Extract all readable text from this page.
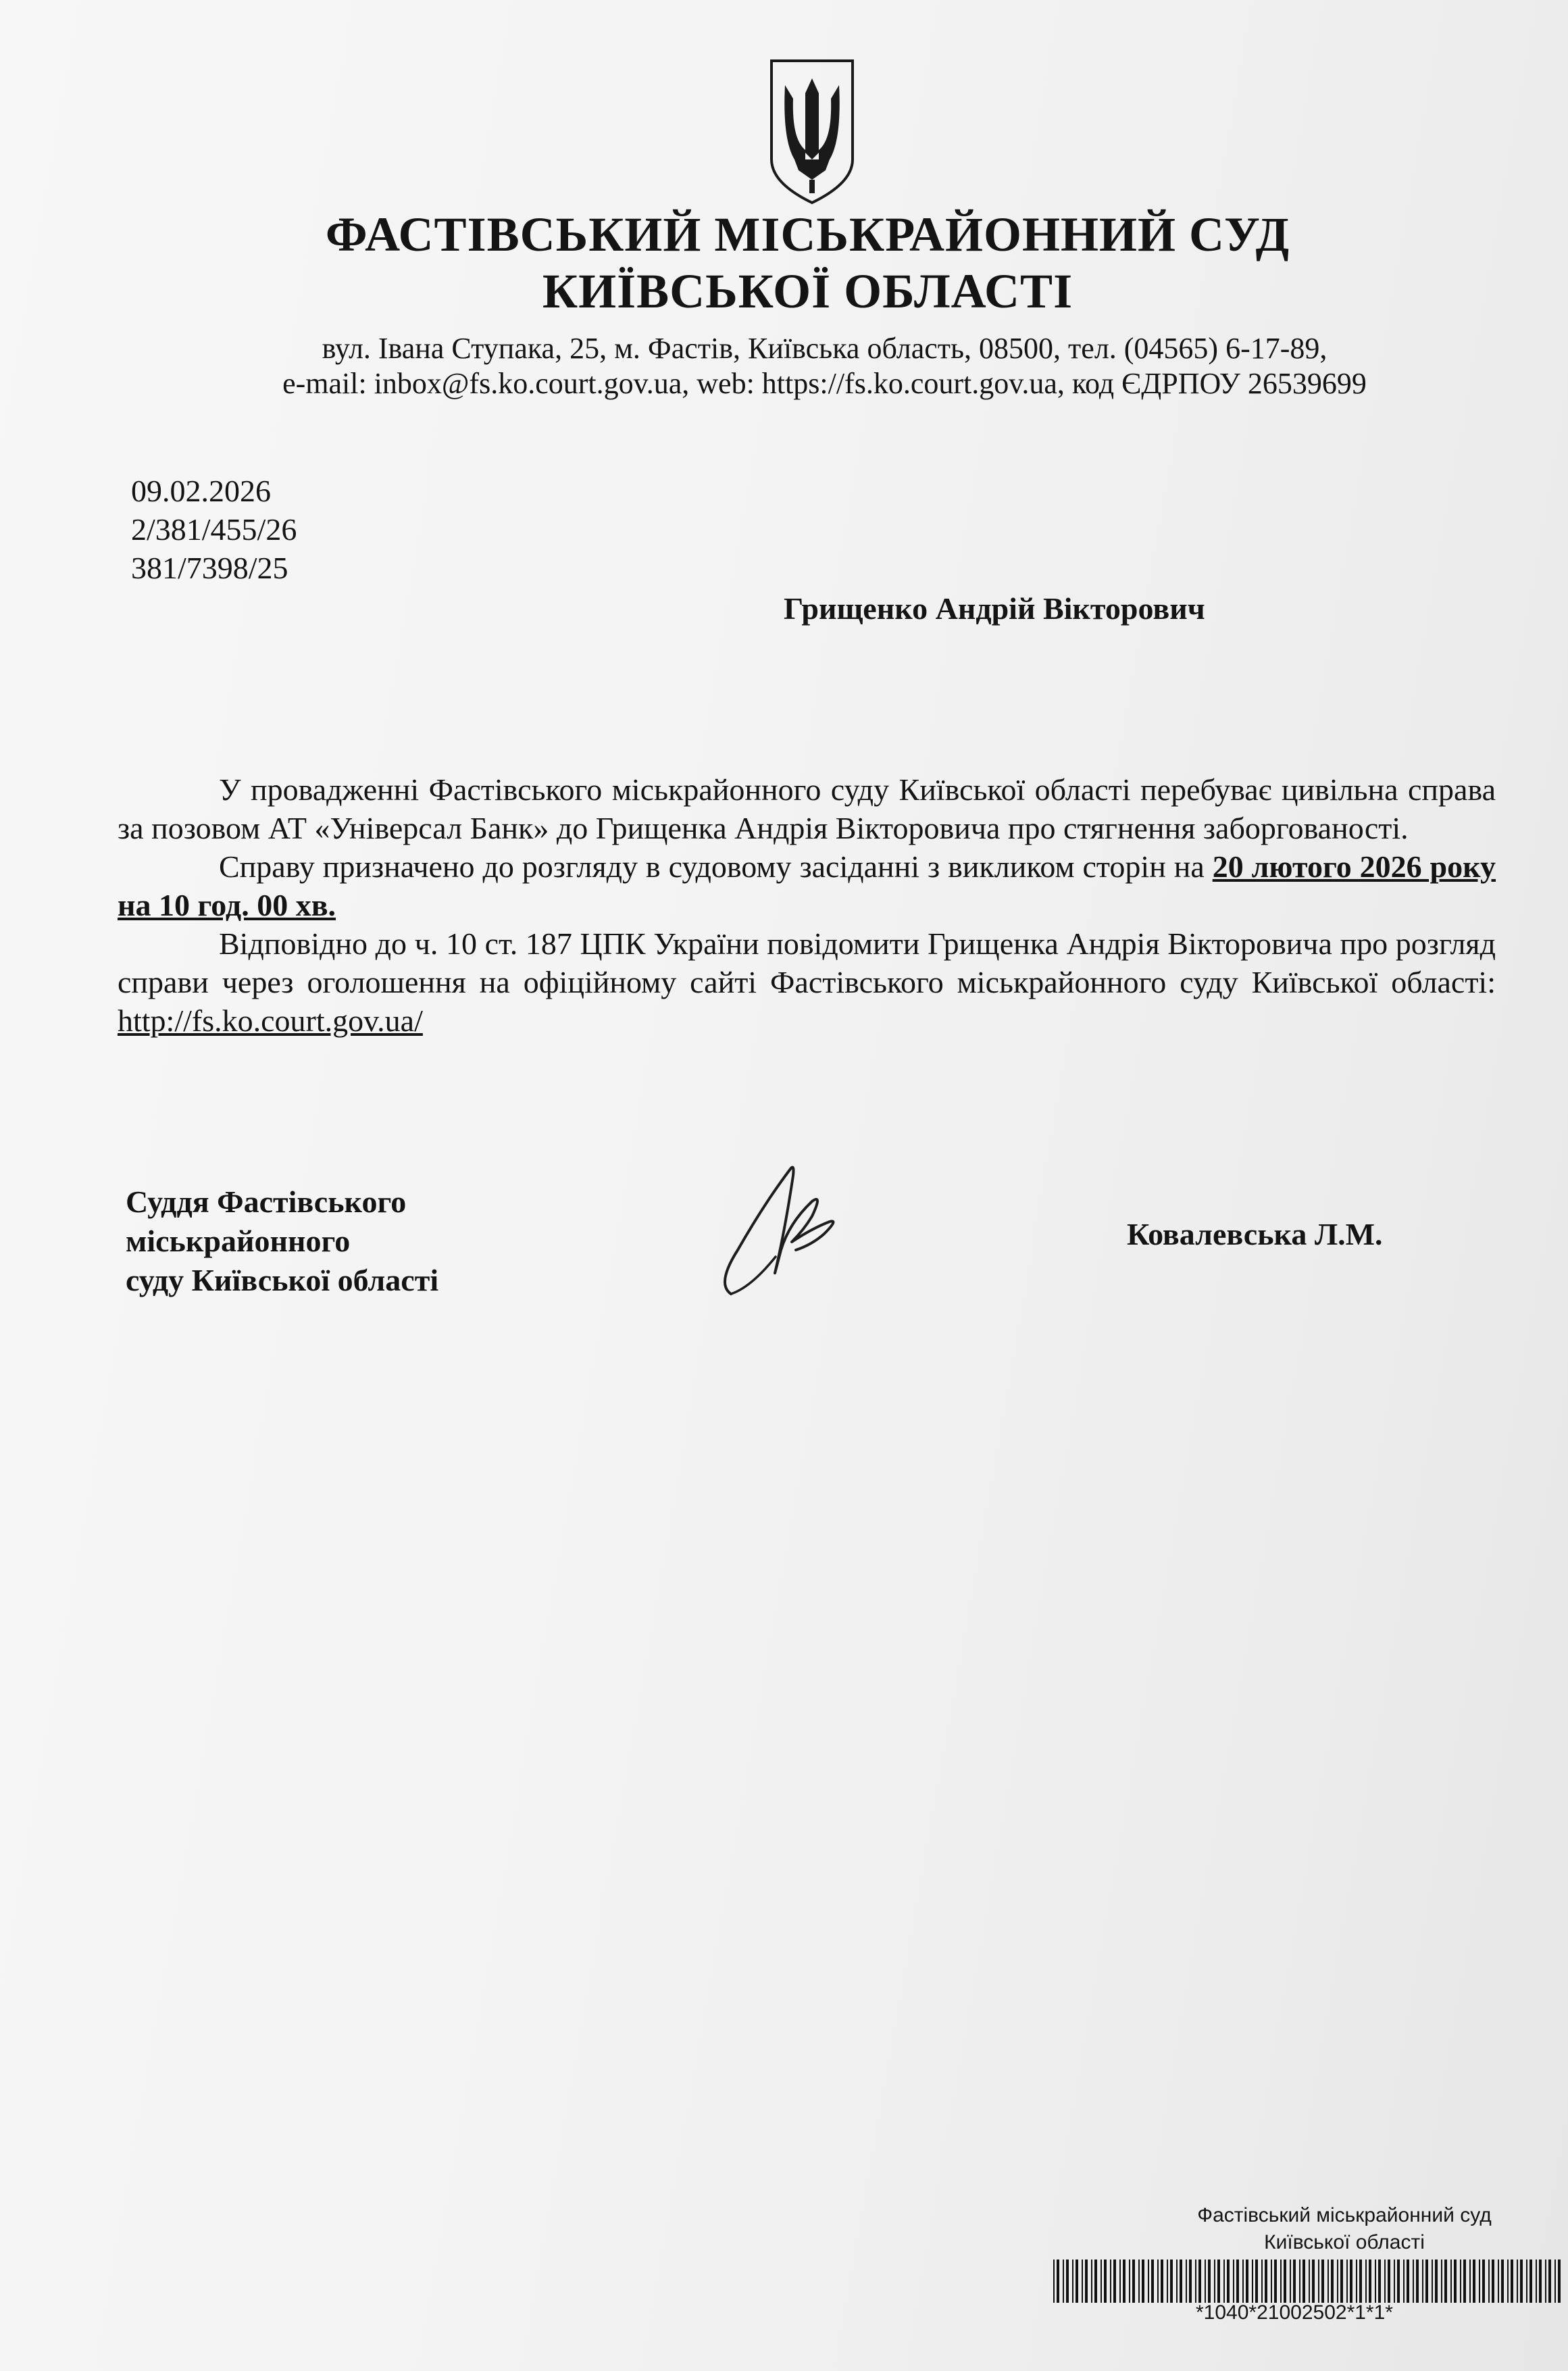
ФАСТІВСЬКИЙ МІСЬКРАЙОННИЙ СУД
КИЇВСЬКОЇ ОБЛАСТІ
вул. Івана Ступака, 25, м. Фастів, Київська область, 08500, тел. (04565) 6-17-89,
e-mail: inbox@fs.ko.court.gov.ua, web: https://fs.ko.court.gov.ua, код ЄДРПОУ 26539699
09.02.2026
2/381/455/26
381/7398/25
Грищенко Андрій Вікторович

У провадженні Фастівського міськрайонного суду Київської області перебуває цивільна справа за позовом АТ «Універсал Банк» до Грищенка Андрія Вікторовича про стягнення заборгованості.

Справу призначено до розгляду в судовому засіданні з викликом сторін на 20 лютого 2026 року на 10 год. 00 хв.

Відповідно до ч. 10 ст. 187 ЦПК України повідомити Грищенка Андрія Вікторовича про розгляд справи через оголошення на офіційному сайті Фастівського міськрайонного суду Київської області: http://fs.ko.court.gov.ua/

Суддя Фастівського
міськрайонного
суду Київської області
Ковалевська Л.М.
Фастівський міськрайонний суд
Київської області
*1040*21002502*1*1*
